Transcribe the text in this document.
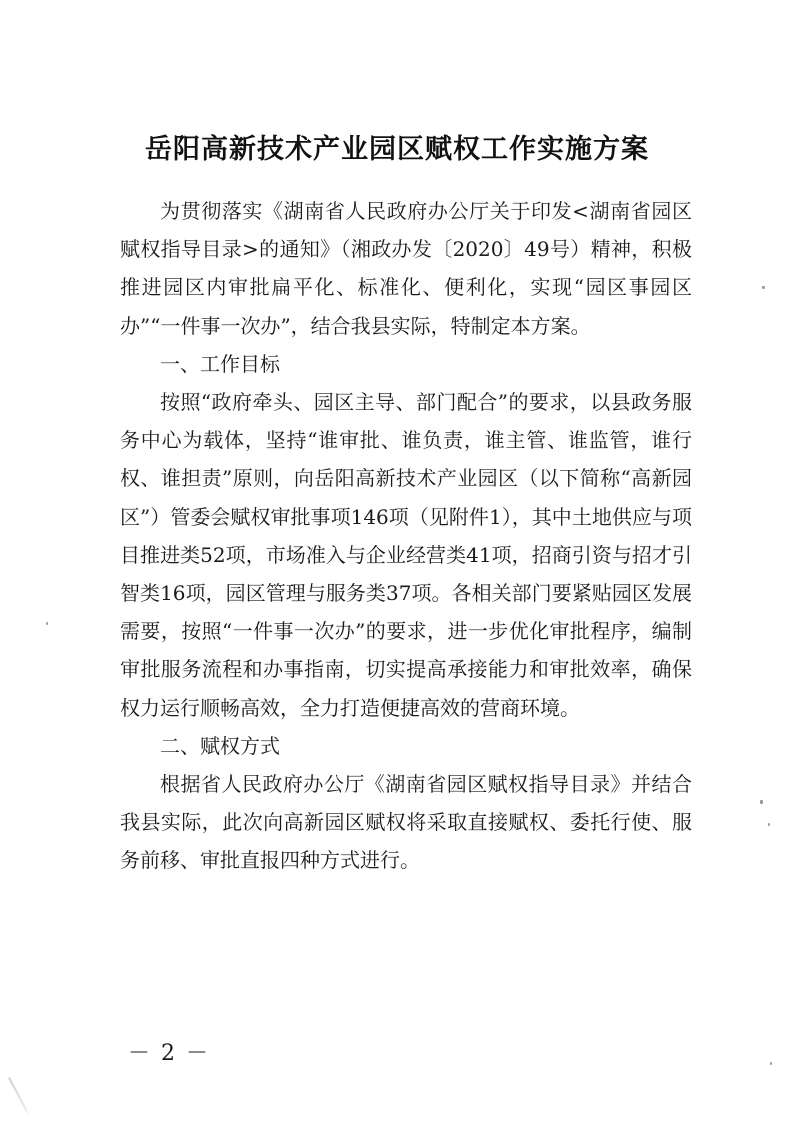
岳阳高新技术产业园区赋权工作实施方案

为贯彻落实《湖南省人民政府办公厅关于印发<湖南省园区赋权指导目录>的通知》（湘政办发〔2020〕49号）精神，积极推进园区内审批扁平化、标准化、便利化，实现“园区事园区办”“一件事一次办”，结合我县实际，特制定本方案。

一、工作目标

按照“政府牵头、园区主导、部门配合”的要求，以县政务服务中心为载体，坚持“谁审批、谁负责，谁主管、谁监管，谁行权、谁担责”原则，向岳阳高新技术产业园区（以下简称“高新园区”）管委会赋权审批事项146项（见附件1），其中土地供应与项目推进类52项，市场准入与企业经营类41项，招商引资与招才引智类16项，园区管理与服务类37项。各相关部门要紧贴园区发展需要，按照“一件事一次办”的要求，进一步优化审批程序，编制审批服务流程和办事指南，切实提高承接能力和审批效率，确保权力运行顺畅高效，全力打造便捷高效的营商环境。

二、赋权方式

根据省人民政府办公厅《湖南省园区赋权指导目录》并结合我县实际，此次向高新园区赋权将采取直接赋权、委托行使、服务前移、审批直报四种方式进行。

－ 2 －
